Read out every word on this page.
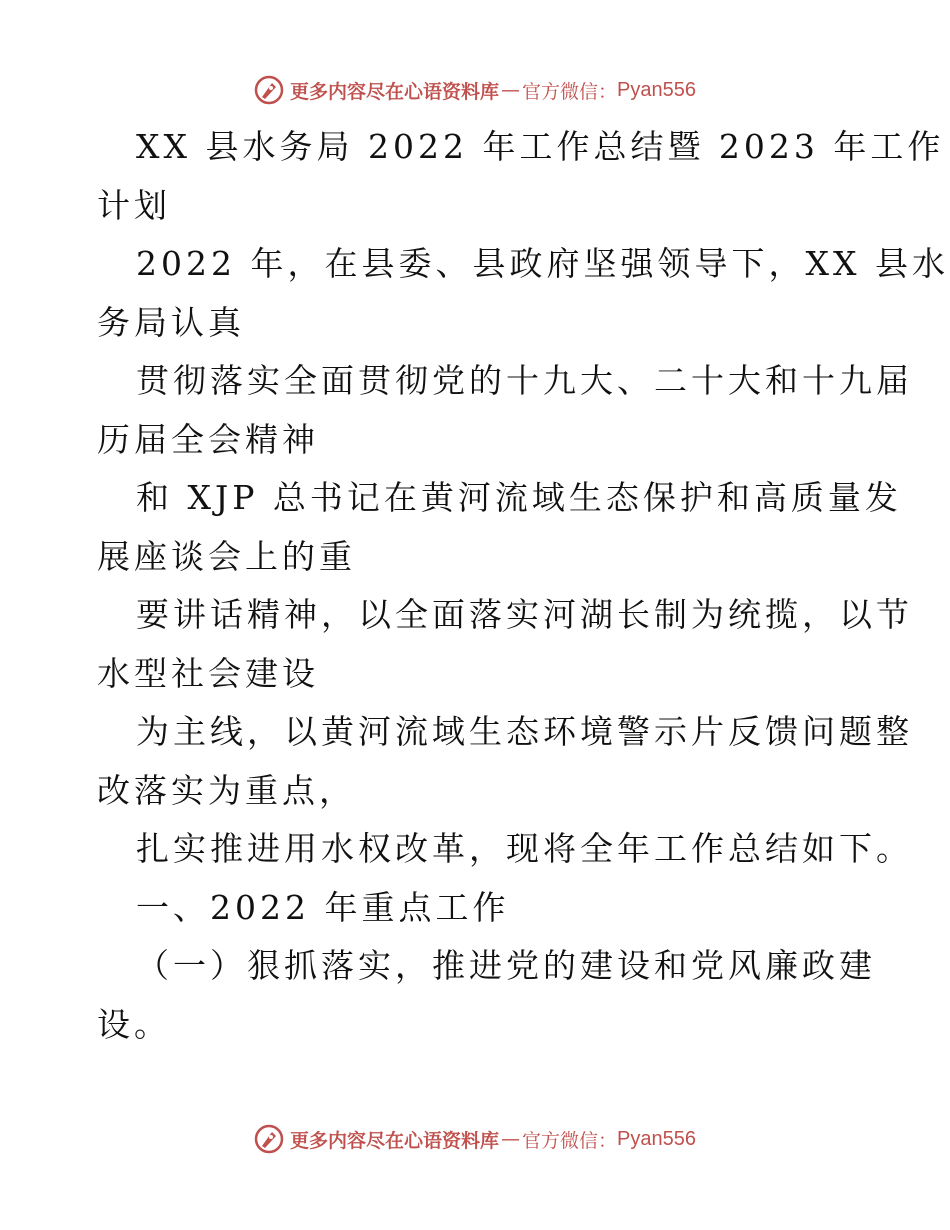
更多内容尽在心语资料库 — 官方微信： Pyan556

XX 县水务局 2022 年工作总结暨 2023 年工作

计划

2022 年，在县委、县政府坚强领导下，XX 县水

务局认真

贯彻落实全面贯彻党的十九大、二十大和十九届

历届全会精神

和 XJP 总书记在黄河流域生态保护和高质量发

展座谈会上的重

要讲话精神，以全面落实河湖长制为统揽，以节

水型社会建设

为主线，以黄河流域生态环境警示片反馈问题整

改落实为重点，

扎实推进用水权改革，现将全年工作总结如下。

一、2022 年重点工作

（一）狠抓落实，推进党的建设和党风廉政建

设。

更多内容尽在心语资料库 — 官方微信： Pyan556
